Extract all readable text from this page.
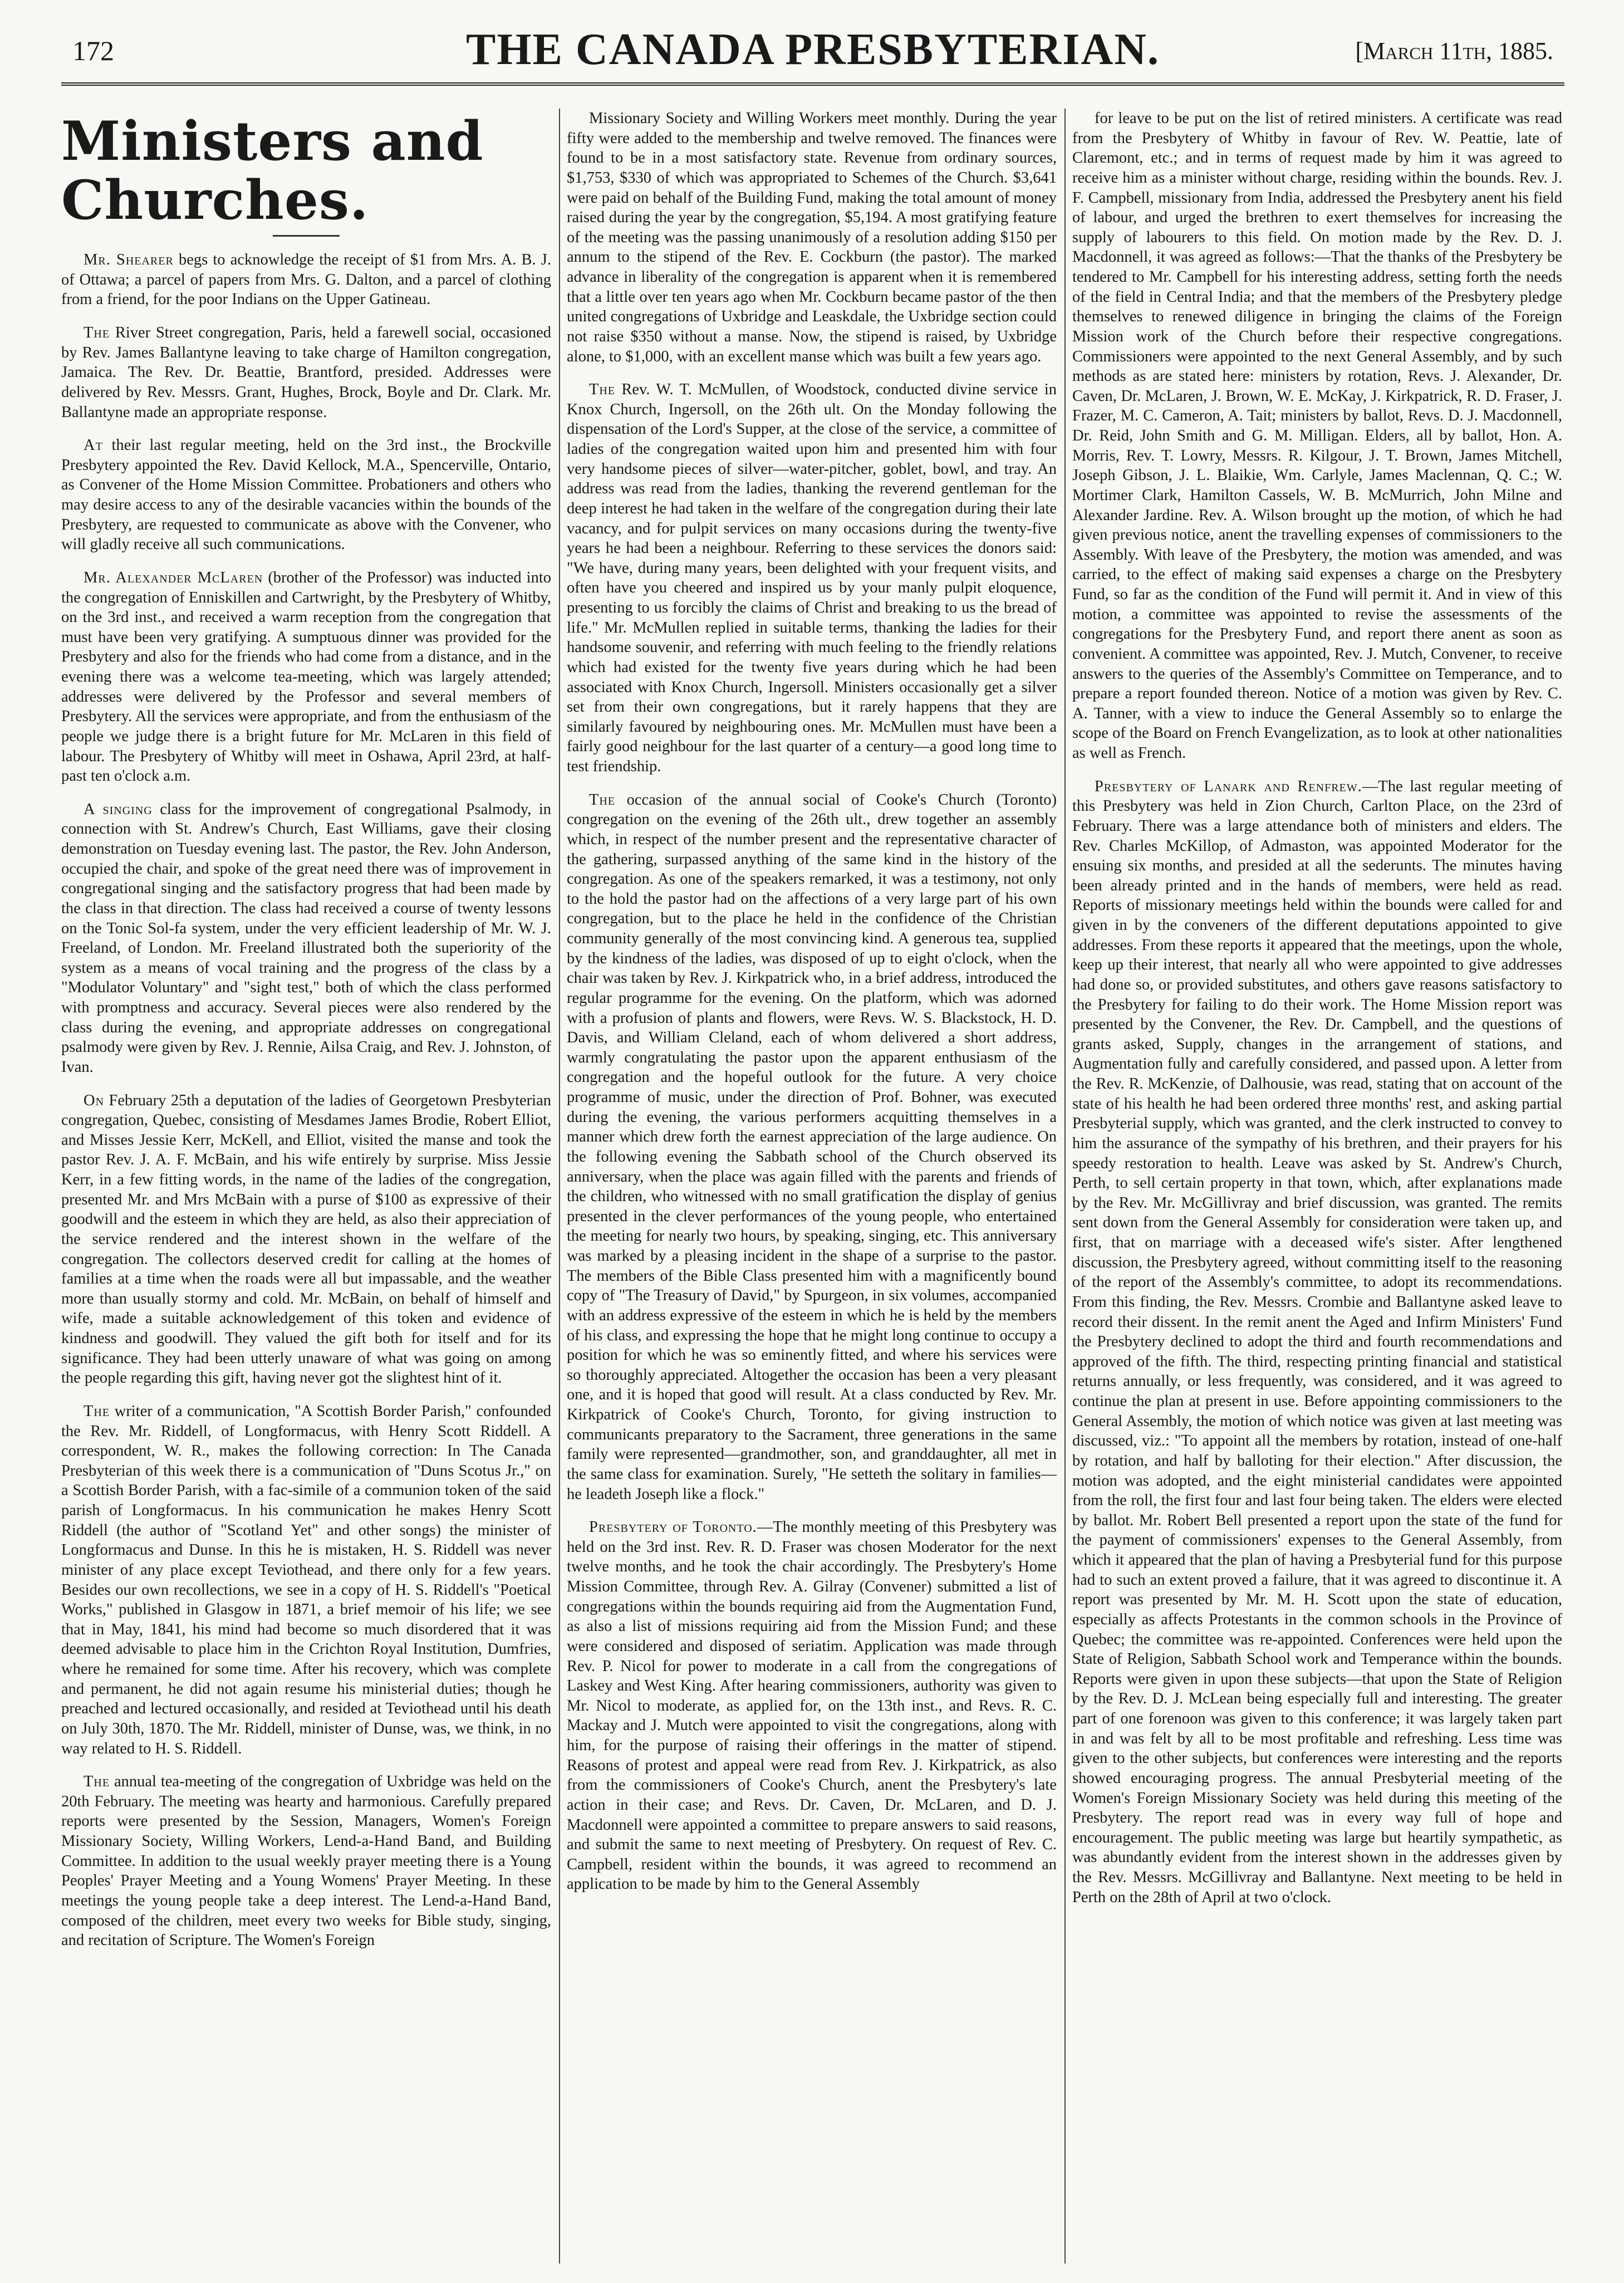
172	THE CANADA PRESBYTERIAN.	[March 11th, 1885.
Ministers and Churches.

Mr. Shearer begs to acknowledge the receipt of $1 from Mrs. A. B. J. of Ottawa; a parcel of papers from Mrs. G. Dalton, and a parcel of clothing from a friend, for the poor Indians on the Upper Gatineau.

The River Street congregation, Paris, held a farewell social, occasioned by Rev. James Ballantyne leaving to take charge of Hamilton congregation, Jamaica. The Rev. Dr. Beattie, Brantford, presided. Addresses were delivered by Rev. Messrs. Grant, Hughes, Brock, Boyle and Dr. Clark. Mr. Ballantyne made an appropriate response.

At their last regular meeting, held on the 3rd inst., the Brockville Presbytery appointed the Rev. David Kellock, M.A., Spencerville, Ontario, as Convener of the Home Mission Committee. Probationers and others who may desire access to any of the desirable vacancies within the bounds of the Presbytery, are requested to communicate as above with the Convener, who will gladly receive all such communications.

Mr. Alexander McLaren (brother of the Professor) was inducted into the congregation of Enniskillen and Cartwright, by the Presbytery of Whitby, on the 3rd inst., and received a warm reception from the congregation that must have been very gratifying. A sumptuous dinner was provided for the Presbytery and also for the friends who had come from a distance, and in the evening there was a welcome tea-meeting, which was largely attended; addresses were delivered by the Professor and several members of Presbytery. All the services were appropriate, and from the enthusiasm of the people we judge there is a bright future for Mr. McLaren in this field of labour. The Presbytery of Whitby will meet in Oshawa, April 23rd, at half-past ten o'clock a.m.

A singing class for the improvement of congregational Psalmody, in connection with St. Andrew's Church, East Williams, gave their closing demonstration on Tuesday evening last. The pastor, the Rev. John Anderson, occupied the chair, and spoke of the great need there was of improvement in congregational singing and the satisfactory progress that had been made by the class in that direction. The class had received a course of twenty lessons on the Tonic Sol-fa system, under the very efficient leadership of Mr. W. J. Freeland, of London. Mr. Freeland illustrated both the superiority of the system as a means of vocal training and the progress of the class by a "Modulator Voluntary" and "sight test," both of which the class performed with promptness and accuracy. Several pieces were also rendered by the class during the evening, and appropriate addresses on congregational psalmody were given by Rev. J. Rennie, Ailsa Craig, and Rev. J. Johnston, of Ivan.

On February 25th a deputation of the ladies of Georgetown Presbyterian congregation, Quebec, consisting of Mesdames James Brodie, Robert Elliot, and Misses Jessie Kerr, McKell, and Elliot, visited the manse and took the pastor Rev. J. A. F. McBain, and his wife entirely by surprise. Miss Jessie Kerr, in a few fitting words, in the name of the ladies of the congregation, presented Mr. and Mrs McBain with a purse of $100 as expressive of their goodwill and the esteem in which they are held, as also their appreciation of the service rendered and the interest shown in the welfare of the congregation. The collectors deserved credit for calling at the homes of families at a time when the roads were all but impassable, and the weather more than usually stormy and cold. Mr. McBain, on behalf of himself and wife, made a suitable acknowledgement of this token and evidence of kindness and goodwill. They valued the gift both for itself and for its significance. They had been utterly unaware of what was going on among the people regarding this gift, having never got the slightest hint of it.

The writer of a communication, "A Scottish Border Parish," confounded the Rev. Mr. Riddell, of Longformacus, with Henry Scott Riddell. A correspondent, W. R., makes the following correction: In The Canada Presbyterian of this week there is a communication of "Duns Scotus Jr.," on a Scottish Border Parish, with a fac-simile of a communion token of the said parish of Longformacus. In his communication he makes Henry Scott Riddell (the author of "Scotland Yet" and other songs) the minister of Longformacus and Dunse. In this he is mistaken, H. S. Riddell was never minister of any place except Teviothead, and there only for a few years. Besides our own recollections, we see in a copy of H. S. Riddell's "Poetical Works," published in Glasgow in 1871, a brief memoir of his life; we see that in May, 1841, his mind had become so much disordered that it was deemed advisable to place him in the Crichton Royal Institution, Dumfries, where he remained for some time. After his recovery, which was complete and permanent, he did not again resume his ministerial duties; though he preached and lectured occasionally, and resided at Teviothead until his death on July 30th, 1870. The Mr. Riddell, minister of Dunse, was, we think, in no way related to H. S. Riddell.

The annual tea-meeting of the congregation of Uxbridge was held on the 20th February. The meeting was hearty and harmonious. Carefully prepared reports were presented by the Session, Managers, Women's Foreign Missionary Society, Willing Workers, Lend-a-Hand Band, and Building Committee. In addition to the usual weekly prayer meeting there is a Young Peoples' Prayer Meeting and a Young Womens' Prayer Meeting. In these meetings the young people take a deep interest. The Lend-a-Hand Band, composed of the children, meet every two weeks for Bible study, singing, and recitation of Scripture. The Women's Foreign

Missionary Society and Willing Workers meet monthly. During the year fifty were added to the membership and twelve removed. The finances were found to be in a most satisfactory state. Revenue from ordinary sources, $1,753, $330 of which was appropriated to Schemes of the Church. $3,641 were paid on behalf of the Building Fund, making the total amount of money raised during the year by the congregation, $5,194. A most gratifying feature of the meeting was the passing unanimously of a resolution adding $150 per annum to the stipend of the Rev. E. Cockburn (the pastor). The marked advance in liberality of the congregation is apparent when it is remembered that a little over ten years ago when Mr. Cockburn became pastor of the then united congregations of Uxbridge and Leaskdale, the Uxbridge section could not raise $350 without a manse. Now, the stipend is raised, by Uxbridge alone, to $1,000, with an excellent manse which was built a few years ago.

The Rev. W. T. McMullen, of Woodstock, conducted divine service in Knox Church, Ingersoll, on the 26th ult. On the Monday following the dispensation of the Lord's Supper, at the close of the service, a committee of ladies of the congregation waited upon him and presented him with four very handsome pieces of silver—water-pitcher, goblet, bowl, and tray. An address was read from the ladies, thanking the reverend gentleman for the deep interest he had taken in the welfare of the congregation during their late vacancy, and for pulpit services on many occasions during the twenty-five years he had been a neighbour. Referring to these services the donors said: "We have, during many years, been delighted with your frequent visits, and often have you cheered and inspired us by your manly pulpit eloquence, presenting to us forcibly the claims of Christ and breaking to us the bread of life." Mr. McMullen replied in suitable terms, thanking the ladies for their handsome souvenir, and referring with much feeling to the friendly relations which had existed for the twenty five years during which he had been associated with Knox Church, Ingersoll. Ministers occasionally get a silver set from their own congregations, but it rarely happens that they are similarly favoured by neighbouring ones. Mr. McMullen must have been a fairly good neighbour for the last quarter of a century—a good long time to test friendship.

The occasion of the annual social of Cooke's Church (Toronto) congregation on the evening of the 26th ult., drew together an assembly which, in respect of the number present and the representative character of the gathering, surpassed anything of the same kind in the history of the congregation. As one of the speakers remarked, it was a testimony, not only to the hold the pastor had on the affections of a very large part of his own congregation, but to the place he held in the confidence of the Christian community generally of the most convincing kind. A generous tea, supplied by the kindness of the ladies, was disposed of up to eight o'clock, when the chair was taken by Rev. J. Kirkpatrick who, in a brief address, introduced the regular programme for the evening. On the platform, which was adorned with a profusion of plants and flowers, were Revs. W. S. Blackstock, H. D. Davis, and William Cleland, each of whom delivered a short address, warmly congratulating the pastor upon the apparent enthusiasm of the congregation and the hopeful outlook for the future. A very choice programme of music, under the direction of Prof. Bohner, was executed during the evening, the various performers acquitting themselves in a manner which drew forth the earnest appreciation of the large audience. On the following evening the Sabbath school of the Church observed its anniversary, when the place was again filled with the parents and friends of the children, who witnessed with no small gratification the display of genius presented in the clever performances of the young people, who entertained the meeting for nearly two hours, by speaking, singing, etc. This anniversary was marked by a pleasing incident in the shape of a surprise to the pastor. The members of the Bible Class presented him with a magnificently bound copy of "The Treasury of David," by Spurgeon, in six volumes, accompanied with an address expressive of the esteem in which he is held by the members of his class, and expressing the hope that he might long continue to occupy a position for which he was so eminently fitted, and where his services were so thoroughly appreciated. Altogether the occasion has been a very pleasant one, and it is hoped that good will result. At a class conducted by Rev. Mr. Kirkpatrick of Cooke's Church, Toronto, for giving instruction to communicants preparatory to the Sacrament, three generations in the same family were represented—grandmother, son, and granddaughter, all met in the same class for examination. Surely, "He setteth the solitary in families—he leadeth Joseph like a flock."

Presbytery of Toronto.—The monthly meeting of this Presbytery was held on the 3rd inst. Rev. R. D. Fraser was chosen Moderator for the next twelve months, and he took the chair accordingly. The Presbytery's Home Mission Committee, through Rev. A. Gilray (Convener) submitted a list of congregations within the bounds requiring aid from the Augmentation Fund, as also a list of missions requiring aid from the Mission Fund; and these were considered and disposed of seriatim. Application was made through Rev. P. Nicol for power to moderate in a call from the congregations of Laskey and West King. After hearing commissioners, authority was given to Mr. Nicol to moderate, as applied for, on the 13th inst., and Revs. R. C. Mackay and J. Mutch were appointed to visit the congregations, along with him, for the purpose of raising their offerings in the matter of stipend. Reasons of protest and appeal were read from Rev. J. Kirkpatrick, as also from the commissioners of Cooke's Church, anent the Presbytery's late action in their case; and Revs. Dr. Caven, Dr. McLaren, and D. J. Macdonnell were appointed a committee to prepare answers to said reasons, and submit the same to next meeting of Presbytery. On request of Rev. C. Campbell, resident within the bounds, it was agreed to recommend an application to be made by him to the General Assembly

for leave to be put on the list of retired ministers. A certificate was read from the Presbytery of Whitby in favour of Rev. W. Peattie, late of Claremont, etc.; and in terms of request made by him it was agreed to receive him as a minister without charge, residing within the bounds. Rev. J. F. Campbell, missionary from India, addressed the Presbytery anent his field of labour, and urged the brethren to exert themselves for increasing the supply of labourers to this field. On motion made by the Rev. D. J. Macdonnell, it was agreed as follows:—That the thanks of the Presbytery be tendered to Mr. Campbell for his interesting address, setting forth the needs of the field in Central India; and that the members of the Presbytery pledge themselves to renewed diligence in bringing the claims of the Foreign Mission work of the Church before their respective congregations. Commissioners were appointed to the next General Assembly, and by such methods as are stated here: ministers by rotation, Revs. J. Alexander, Dr. Caven, Dr. McLaren, J. Brown, W. E. McKay, J. Kirkpatrick, R. D. Fraser, J. Frazer, M. C. Cameron, A. Tait; ministers by ballot, Revs. D. J. Macdonnell, Dr. Reid, John Smith and G. M. Milligan. Elders, all by ballot, Hon. A. Morris, Rev. T. Lowry, Messrs. R. Kilgour, J. T. Brown, James Mitchell, Joseph Gibson, J. L. Blaikie, Wm. Carlyle, James Maclennan, Q. C.; W. Mortimer Clark, Hamilton Cassels, W. B. McMurrich, John Milne and Alexander Jardine. Rev. A. Wilson brought up the motion, of which he had given previous notice, anent the travelling expenses of commissioners to the Assembly. With leave of the Presbytery, the motion was amended, and was carried, to the effect of making said expenses a charge on the Presbytery Fund, so far as the condition of the Fund will permit it. And in view of this motion, a committee was appointed to revise the assessments of the congregations for the Presbytery Fund, and report there anent as soon as convenient. A committee was appointed, Rev. J. Mutch, Convener, to receive answers to the queries of the Assembly's Committee on Temperance, and to prepare a report founded thereon. Notice of a motion was given by Rev. C. A. Tanner, with a view to induce the General Assembly so to enlarge the scope of the Board on French Evangelization, as to look at other nationalities as well as French.

Presbytery of Lanark and Renfrew.—The last regular meeting of this Presbytery was held in Zion Church, Carlton Place, on the 23rd of February. There was a large attendance both of ministers and elders. The Rev. Charles McKillop, of Admaston, was appointed Moderator for the ensuing six months, and presided at all the sederunts. The minutes having been already printed and in the hands of members, were held as read. Reports of missionary meetings held within the bounds were called for and given in by the conveners of the different deputations appointed to give addresses. From these reports it appeared that the meetings, upon the whole, keep up their interest, that nearly all who were appointed to give addresses had done so, or provided substitutes, and others gave reasons satisfactory to the Presbytery for failing to do their work. The Home Mission report was presented by the Convener, the Rev. Dr. Campbell, and the questions of grants asked, Supply, changes in the arrangement of stations, and Augmentation fully and carefully considered, and passed upon. A letter from the Rev. R. McKenzie, of Dalhousie, was read, stating that on account of the state of his health he had been ordered three months' rest, and asking partial Presbyterial supply, which was granted, and the clerk instructed to convey to him the assurance of the sympathy of his brethren, and their prayers for his speedy restoration to health. Leave was asked by St. Andrew's Church, Perth, to sell certain property in that town, which, after explanations made by the Rev. Mr. McGillivray and brief discussion, was granted. The remits sent down from the General Assembly for consideration were taken up, and first, that on marriage with a deceased wife's sister. After lengthened discussion, the Presbytery agreed, without committing itself to the reasoning of the report of the Assembly's committee, to adopt its recommendations. From this finding, the Rev. Messrs. Crombie and Ballantyne asked leave to record their dissent. In the remit anent the Aged and Infirm Ministers' Fund the Presbytery declined to adopt the third and fourth recommendations and approved of the fifth. The third, respecting printing financial and statistical returns annually, or less frequently, was considered, and it was agreed to continue the plan at present in use. Before appointing commissioners to the General Assembly, the motion of which notice was given at last meeting was discussed, viz.: "To appoint all the members by rotation, instead of one-half by rotation, and half by balloting for their election." After discussion, the motion was adopted, and the eight ministerial candidates were appointed from the roll, the first four and last four being taken. The elders were elected by ballot. Mr. Robert Bell presented a report upon the state of the fund for the payment of commissioners' expenses to the General Assembly, from which it appeared that the plan of having a Presbyterial fund for this purpose had to such an extent proved a failure, that it was agreed to discontinue it. A report was presented by Mr. M. H. Scott upon the state of education, especially as affects Protestants in the common schools in the Province of Quebec; the committee was re-appointed. Conferences were held upon the State of Religion, Sabbath School work and Temperance within the bounds. Reports were given in upon these subjects—that upon the State of Religion by the Rev. D. J. McLean being especially full and interesting. The greater part of one forenoon was given to this conference; it was largely taken part in and was felt by all to be most profitable and refreshing. Less time was given to the other subjects, but conferences were interesting and the reports showed encouraging progress. The annual Presbyterial meeting of the Women's Foreign Missionary Society was held during this meeting of the Presbytery. The report read was in every way full of hope and encouragement. The public meeting was large but heartily sympathetic, as was abundantly evident from the interest shown in the addresses given by the Rev. Messrs. McGillivray and Ballantyne. Next meeting to be held in Perth on the 28th of April at two o'clock.
